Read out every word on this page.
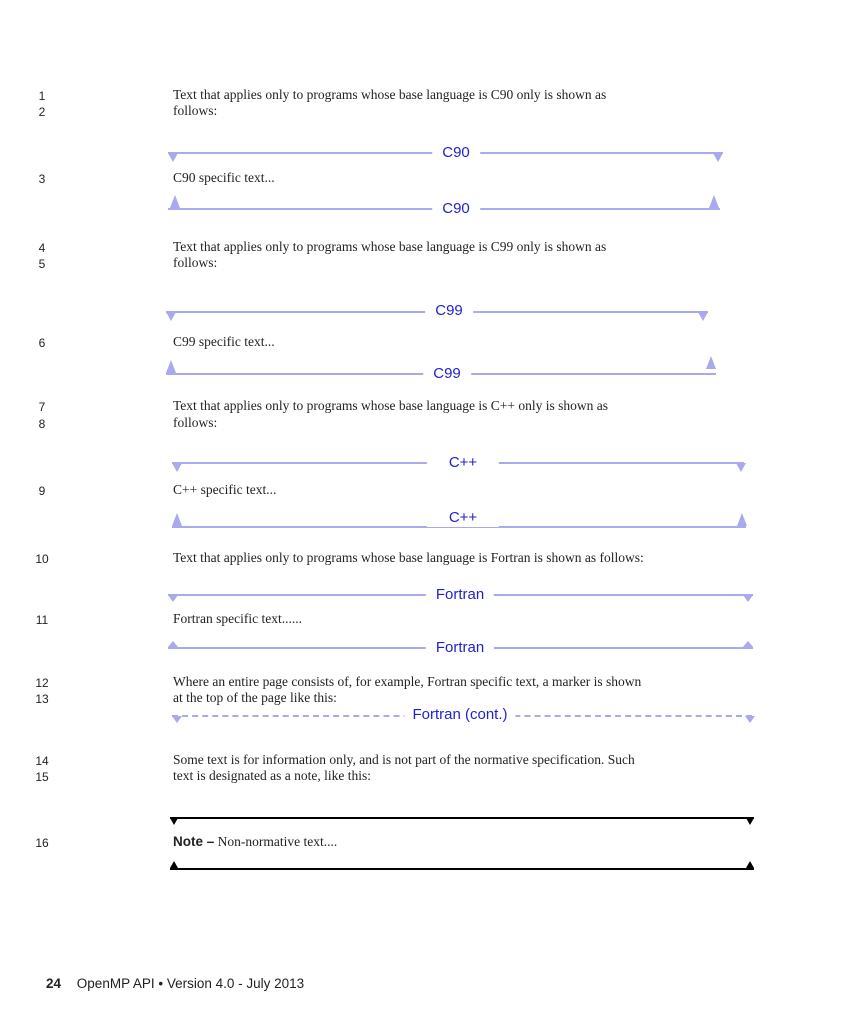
1
2
3
4
5
6
7
8
9
10
11
12
13
14
15
16
Text that applies only to programs whose base language is C90 only is shown as
follows:
C90
C90 specific text...
C90
Text that applies only to programs whose base language is C99 only is shown as
follows:
C99
C99 specific text...
C99
Text that applies only to programs whose base language is C++ only is shown as
follows:
C++
C++ specific text...
C++
Text that applies only to programs whose base language is Fortran is shown as follows:
Fortran
Fortran specific text......
Fortran
Where an entire page consists of, for example, Fortran specific text, a marker is shown
at the top of the page like this:
Fortran (cont.)
Some text is for information only, and is not part of the normative specification. Such
text is designated as a note, like this:
Note – Non-normative text....
24 OpenMP API • Version 4.0 - July 2013
